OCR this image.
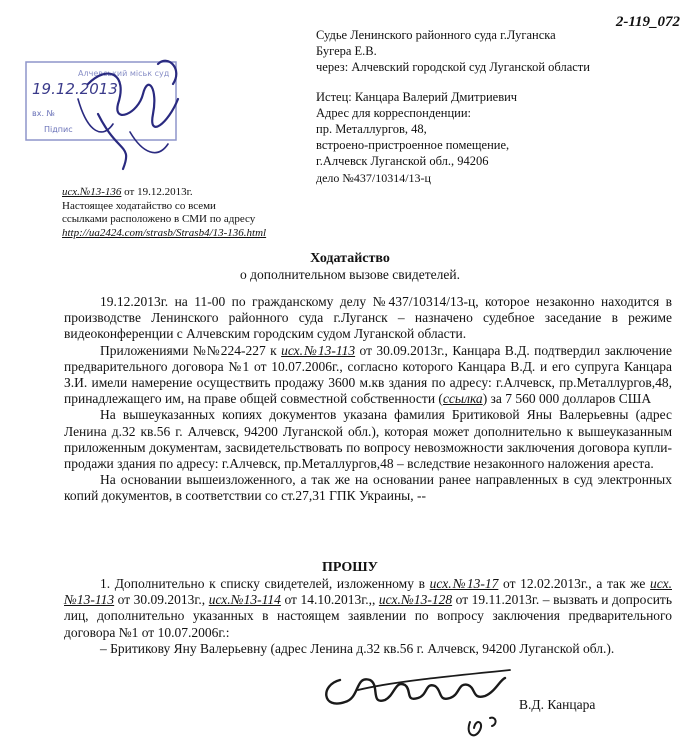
2-119_072
Судье Ленинского районного суда г.Луганска
Бугера Е.В.
через: Алчевский городской суд Луганской области
Истец: Канцара Валерий Дмитриевич
Адрес для корреспонденции:
пр. Металлургов, 48,
встроено-пристроенное помещение,
г.Алчевск Луганской обл., 94206
дело №437/10314/13-ц
Алчевський міськ суд
19.12.2013
вх. №
Підпис
исх.№13-136 от 19.12.2013г.
Настоящее ходатайство со всеми
ссылками расположено в СМИ по адресу
http://ua2424.com/strasb/Strasb4/13-136.html
Ходатайство
о дополнительном вызове свидетелей.

19.12.2013г. на 11-00 по гражданскому делу №437/10314/13-ц, которое незаконно находится в производстве Ленинского районного суда г.Луганск – назначено судебное заседание в режиме видеоконференции с Алчевским городским судом Луганской области.

Приложениями №№224-227 к исх.№13-113 от 30.09.2013г., Канцара В.Д. подтвердил заключение предварительного договора №1 от 10.07.2006г., согласно которого Канцара В.Д. и его супруга Канцара З.И. имели намерение осуществить продажу 3600 м.кв здания по адресу: г.Алчевск, пр.Металлургов,48, принадлежащего им, на праве общей совместной собственности (ссылка) за 7 560 000 долларов США

На вышеуказанных копиях документов указана фамилия Бритиковой Яны Валерьевны (адрес Ленина д.32 кв.56 г. Алчевск, 94200 Луганской обл.), которая может дополнительно к вышеуказанным приложенным документам, засвидетельствовать по вопросу невозможности заключения договора купли-продажи здания по адресу: г.Алчевск, пр.Металлургов,48 – вследствие незаконного наложения ареста.

На основании вышеизложенного, а так же на основании ранее направленных в суд электронных копий документов, в соответствии со ст.27,31 ГПК Украины, --

ПРОШУ

1. Дополнительно к списку свидетелей, изложенному в исх.№13-17 от 12.02.2013г., а так же исх.№13-113 от 30.09.2013г., исх.№13-114 от 14.10.2013г.,, исх.№13-128 от 19.11.2013г. – вызвать и допросить лиц, дополнительно указанных в настоящем заявлении по вопросу заключения предварительного договора №1 от 10.07.2006г.:

– Бритикову Яну Валерьевну (адрес Ленина д.32 кв.56 г. Алчевск, 94200 Луганской обл.).

В.Д. Канцара
